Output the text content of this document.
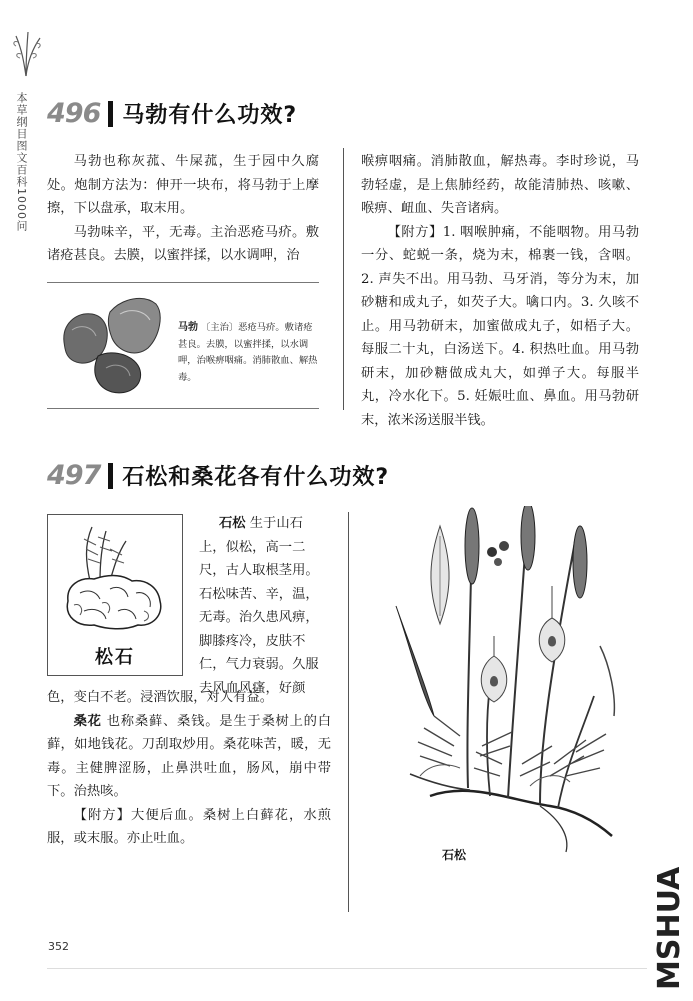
本草纲目图文百科1000问 496 马勃有什么功效?

马勃也称灰菰、牛屎菰，生于园中久腐处。炮制方法为：伸开一块布，将马勃于上摩擦，下以盘承，取末用。

马勃味辛，平，无毒。主治恶疮马疥。敷诸疮甚良。去膜，以蜜拌揉，以水调呷，治

马勃 〔主治〕恶疮马疥。敷诸疮甚良。去膜，以蜜拌揉，以水调呷，治喉痹咽痛。消肺散血、解热毒。

喉痹咽痛。消肺散血，解热毒。李时珍说，马勃轻虚，是上焦肺经药，故能清肺热、咳嗽、喉痹、衄血、失音诸病。

【附方】1. 咽喉肿痛，不能咽物。用马勃一分、蛇蜕一条，烧为末，棉裹一钱，含咽。2. 声失不出。用马勃、马牙消，等分为末，加砂糖和成丸子，如芡子大。噙口内。3. 久咳不止。用马勃研末，加蜜做成丸子，如梧子大。每服二十丸，白汤送下。4. 积热吐血。用马勃研末，加砂糖做成丸大，如弹子大。每服半丸，冷水化下。5. 妊娠吐血、鼻血。用马勃研末，浓米汤送服半钱。

497 石松和桑花各有什么功效?
松石

石松 生于山石

上，似松，高一二

尺，古人取根茎用。

石松味苦、辛，温，

无毒。治久患风痹，

脚膝疼冷，皮肤不

仁，气力衰弱。久服

去风血风瘙，好颜

色，变白不老。浸酒饮服，对人有益。

桑花 也称桑藓、桑钱。是生于桑树上的白藓，如地钱花。刀刮取炒用。桑花味苦，暖，无毒。主健脾涩肠，止鼻洪吐血，肠风，崩中带下。治热咳。

【附方】大便后血。桑树上白藓花，水煎服，或末服。亦止吐血。

石松
352	MSHUA
